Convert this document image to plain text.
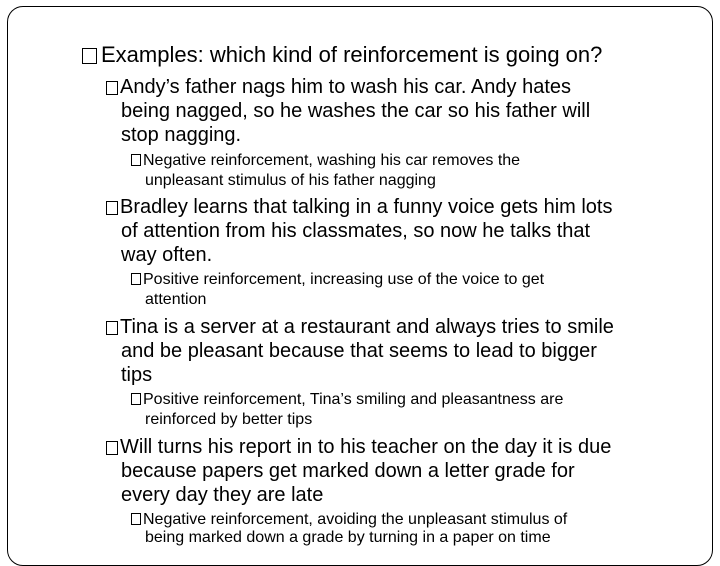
Examples: which kind of reinforcement is going on?
Andy’s father nags him to wash his car. Andy hates
being nagged, so he washes the car so his father will
stop nagging.
Negative reinforcement, washing his car removes the
unpleasant stimulus of his father nagging
Bradley learns that talking in a funny voice gets him lots
of attention from his classmates, so now he talks that
way often.
Positive reinforcement, increasing use of the voice to get
attention
Tina is a server at a restaurant and always tries to smile
and be pleasant because that seems to lead to bigger
tips
Positive reinforcement, Tina’s smiling and pleasantness are
reinforced by better tips
Will turns his report in to his teacher on the day it is due
because papers get marked down a letter grade for
every day they are late
Negative reinforcement, avoiding the unpleasant stimulus of
being marked down a grade by turning in a paper on time
